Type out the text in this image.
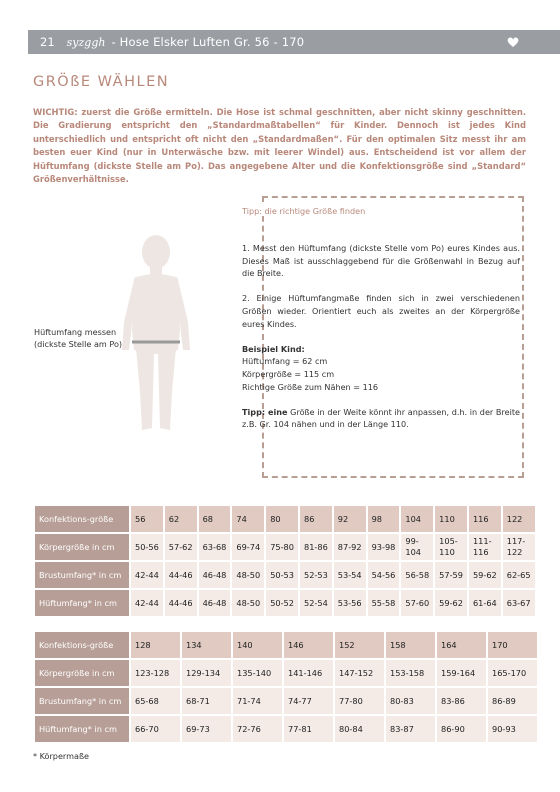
21 syzggh - Hose Elsker Luften Gr. 56 - 170
GRÖßE WÄHLEN
WICHTIG: zuerst die Größe ermitteln. Die Hose ist schmal geschnitten, aber nicht skinny geschnitten. Die Gradierung entspricht den „Standardmaßtabellen“ für Kinder. Dennoch ist jedes Kind unterschiedlich und entspricht oft nicht den „Standardmaßen“. Für den optimalen Sitz messt ihr am besten euer Kind (nur in Unterwäsche bzw. mit leerer Windel) aus. Entscheidend ist vor allem der Hüftumfang (dickste Stelle am Po). Das angegebene Alter und die Konfektionsgröße sind „Standard“ Größenverhältnisse.
Hüftumfang messen (dickste Stelle am Po)
Tipp: die richtige Größe finden

1. Messt den Hüftumfang (dickste Stelle vom Po) eures Kindes aus. Dieses Maß ist ausschlaggebend für die Größenwahl in Bezug auf die Breite.

2. Einige Hüftumfangmaße finden sich in zwei verschiedenen Größen wieder. Orientiert euch als zweites an der Körpergröße eures Kindes.

Beispiel Kind:
Hüftumfang = 62 cm
Körpergröße = 115 cm
Richtige Größe zum Nähen = 116
Tipp: eine Größe in der Weite könnt ihr anpassen, d.h. in der Breite z.B. Gr. 104 nähen und in der Länge 110.
Konfektions-größe	56	62	68	74	80	86	92	98	104	110	116	122
Körpergröße in cm	50-56	57-62	63-68	69-74	75-80	81-86	87-92	93-98	99-104	105-110	111-116	117-122
Brustumfang* in cm	42-44	44-46	46-48	48-50	50-53	52-53	53-54	54-56	56-58	57-59	59-62	62-65
Hüftumfang* in cm	42-44	44-46	46-48	48-50	50-52	52-54	53-56	55-58	57-60	59-62	61-64	63-67
Konfektions-größe	128	134	140	146	152	158	164	170
Körpergröße in cm	123-128	129-134	135-140	141-146	147-152	153-158	159-164	165-170
Brustumfang* in cm	65-68	68-71	71-74	74-77	77-80	80-83	83-86	86-89
Hüftumfang* in cm	66-70	69-73	72-76	77-81	80-84	83-87	86-90	90-93
* Körpermaße
